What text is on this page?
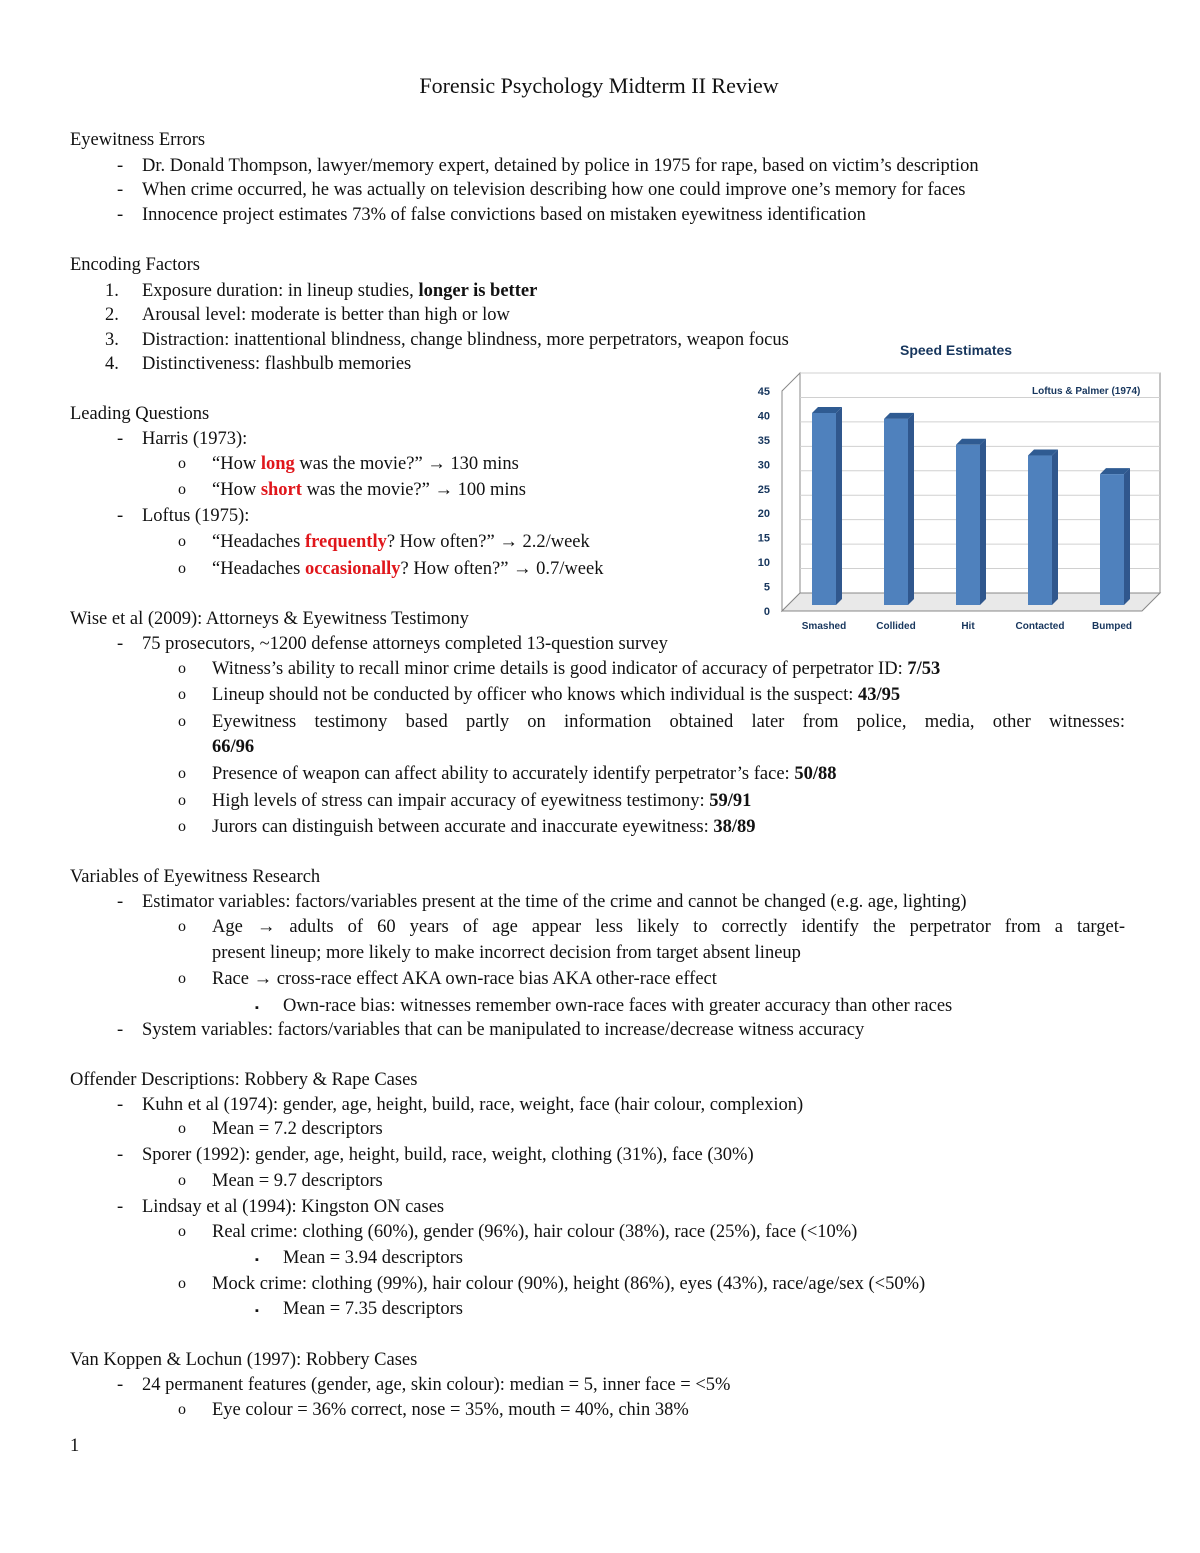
Forensic Psychology Midterm II Review
Eyewitness Errors
- Dr. Donald Thompson, lawyer/memory expert, detained by police in 1975 for rape, based on victim’s description
- When crime occurred, he was actually on television describing how one could improve one’s memory for faces
- Innocence project estimates 73% of false convictions based on mistaken eyewitness identification
Encoding Factors
1. Exposure duration: in lineup studies, longer is better
2. Arousal level: moderate is better than high or low
3. Distraction: inattentional blindness, change blindness, more perpetrators, weapon focus
4. Distinctiveness: flashbulb memories
Leading Questions
- Harris (1973):
o “How long was the movie?” → 130 mins
o “How short was the movie?” → 100 mins
- Loftus (1975):
o “Headaches frequently? How often?” → 2.2/week
o “Headaches occasionally? How often?” → 0.7/week
Wise et al (2009): Attorneys & Eyewitness Testimony
- 75 prosecutors, ~1200 defense attorneys completed 13-question survey
o Witness’s ability to recall minor crime details is good indicator of accuracy of perpetrator ID: 7/53
o Lineup should not be conducted by officer who knows which individual is the suspect: 43/95
o Eyewitness testimony based partly on information obtained later from police, media, other witnesses:
66/96
o Presence of weapon can affect ability to accurately identify perpetrator’s face: 50/88
o High levels of stress can impair accuracy of eyewitness testimony: 59/91
o Jurors can distinguish between accurate and inaccurate eyewitness: 38/89
Variables of Eyewitness Research
- Estimator variables: factors/variables present at the time of the crime and cannot be changed (e.g. age, lighting)
o Age → adults of 60 years of age appear less likely to correctly identify the perpetrator from a target-
present lineup; more likely to make incorrect decision from target absent lineup
o Race → cross-race effect AKA own-race bias AKA other-race effect
▪ Own-race bias: witnesses remember own-race faces with greater accuracy than other races
- System variables: factors/variables that can be manipulated to increase/decrease witness accuracy
Offender Descriptions: Robbery & Rape Cases
- Kuhn et al (1974): gender, age, height, build, race, weight, face (hair colour, complexion)
o Mean = 7.2 descriptors
- Sporer (1992): gender, age, height, build, race, weight, clothing (31%), face (30%)
o Mean = 9.7 descriptors
- Lindsay et al (1994): Kingston ON cases
o Real crime: clothing (60%), gender (96%), hair colour (38%), race (25%), face (<10%)
▪ Mean = 3.94 descriptors
o Mock crime: clothing (99%), hair colour (90%), height (86%), eyes (43%), race/age/sex (<50%)
▪ Mean = 7.35 descriptors
Van Koppen & Lochun (1997): Robbery Cases
- 24 permanent features (gender, age, skin colour): median = 5, inner face = <5%
o Eye colour = 36% correct, nose = 35%, mouth = 40%, chin 38%
1
Speed Estimates
Loftus & Palmer (1974)
0
5
10
15
20
25
30
35
40
45
Smashed	Collided	Hit	Contacted	Bumped
